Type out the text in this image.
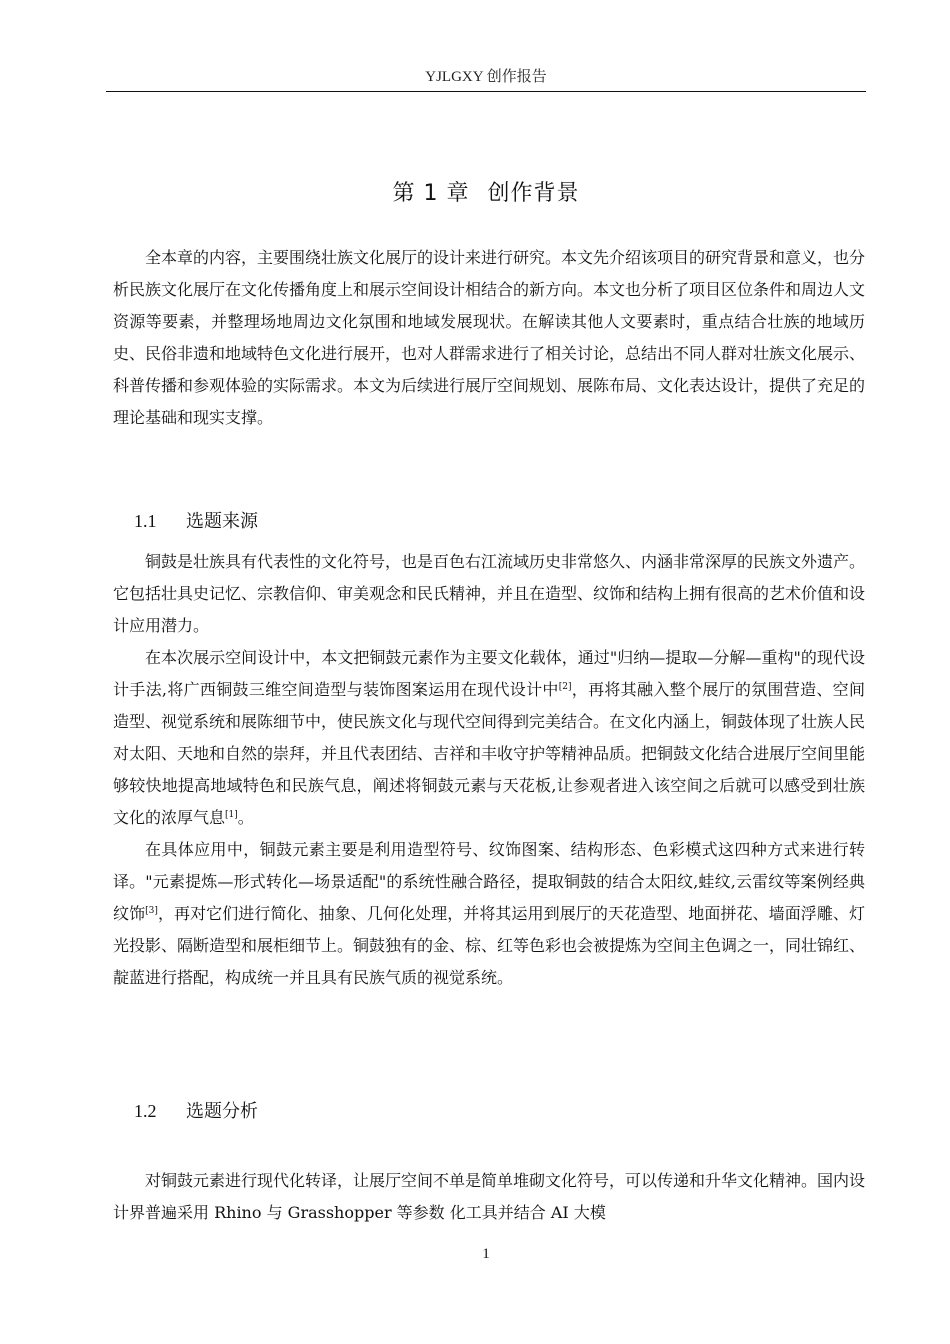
YJLGXY 创作报告
第 1 章 创作背景
全本章的内容，主要围绕壮族文化展厅的设计来进行研究。本文先介绍该项目的研究背景和意义，也分析民族文化展厅在文化传播角度上和展示空间设计相结合的新方向。本文也分析了项目区位条件和周边人文资源等要素，并整理场地周边文化氛围和地域发展现状。在解读其他人文要素时，重点结合壮族的地域历史、民俗非遗和地域特色文化进行展开，也对人群需求进行了相关讨论，总结出不同人群对壮族文化展示、科普传播和参观体验的实际需求。本文为后续进行展厅空间规划、展陈布局、文化表达设计，提供了充足的理论基础和现实支撑。
1.1 选题来源
铜鼓是壮族具有代表性的文化符号，也是百色右江流域历史非常悠久、内涵非常深厚的民族文外遗产。它包括壮具史记忆、宗教信仰、审美观念和民氏精神，并且在造型、纹饰和结构上拥有很高的艺术价值和设计应用潜力。
在本次展示空间设计中，本文把铜鼓元素作为主要文化载体，通过"归纳—提取—分解—重构"的现代设计手法,将广西铜鼓三维空间造型与装饰图案运用在现代设计中[2]，再将其融入整个展厅的氛围营造、空间造型、视觉系统和展陈细节中，使民族文化与现代空间得到完美结合。在文化内涵上，铜鼓体现了壮族人民对太阳、天地和自然的崇拜，并且代表团结、吉祥和丰收守护等精神品质。把铜鼓文化结合进展厅空间里能够较快地提高地域特色和民族气息，阐述将铜鼓元素与天花板,让参观者进入该空间之后就可以感受到壮族文化的浓厚气息[1]。
在具体应用中，铜鼓元素主要是利用造型符号、纹饰图案、结构形态、色彩模式这四种方式来进行转译。"元素提炼—形式转化—场景适配"的系统性融合路径，提取铜鼓的结合太阳纹,蛙纹,云雷纹等案例经典纹饰[3]，再对它们进行简化、抽象、几何化处理，并将其运用到展厅的天花造型、地面拼花、墙面浮雕、灯光投影、隔断造型和展柜细节上。铜鼓独有的金、棕、红等色彩也会被提炼为空间主色调之一，同壮锦红、靛蓝进行搭配，构成统一并且具有民族气质的视觉系统。
1.2 选题分析
对铜鼓元素进行现代化转译，让展厅空间不单是简单堆砌文化符号，可以传递和升华文化精神。国内设计界普遍采用 Rhino 与 Grasshopper 等参数 化工具并结合 AI 大模
1
